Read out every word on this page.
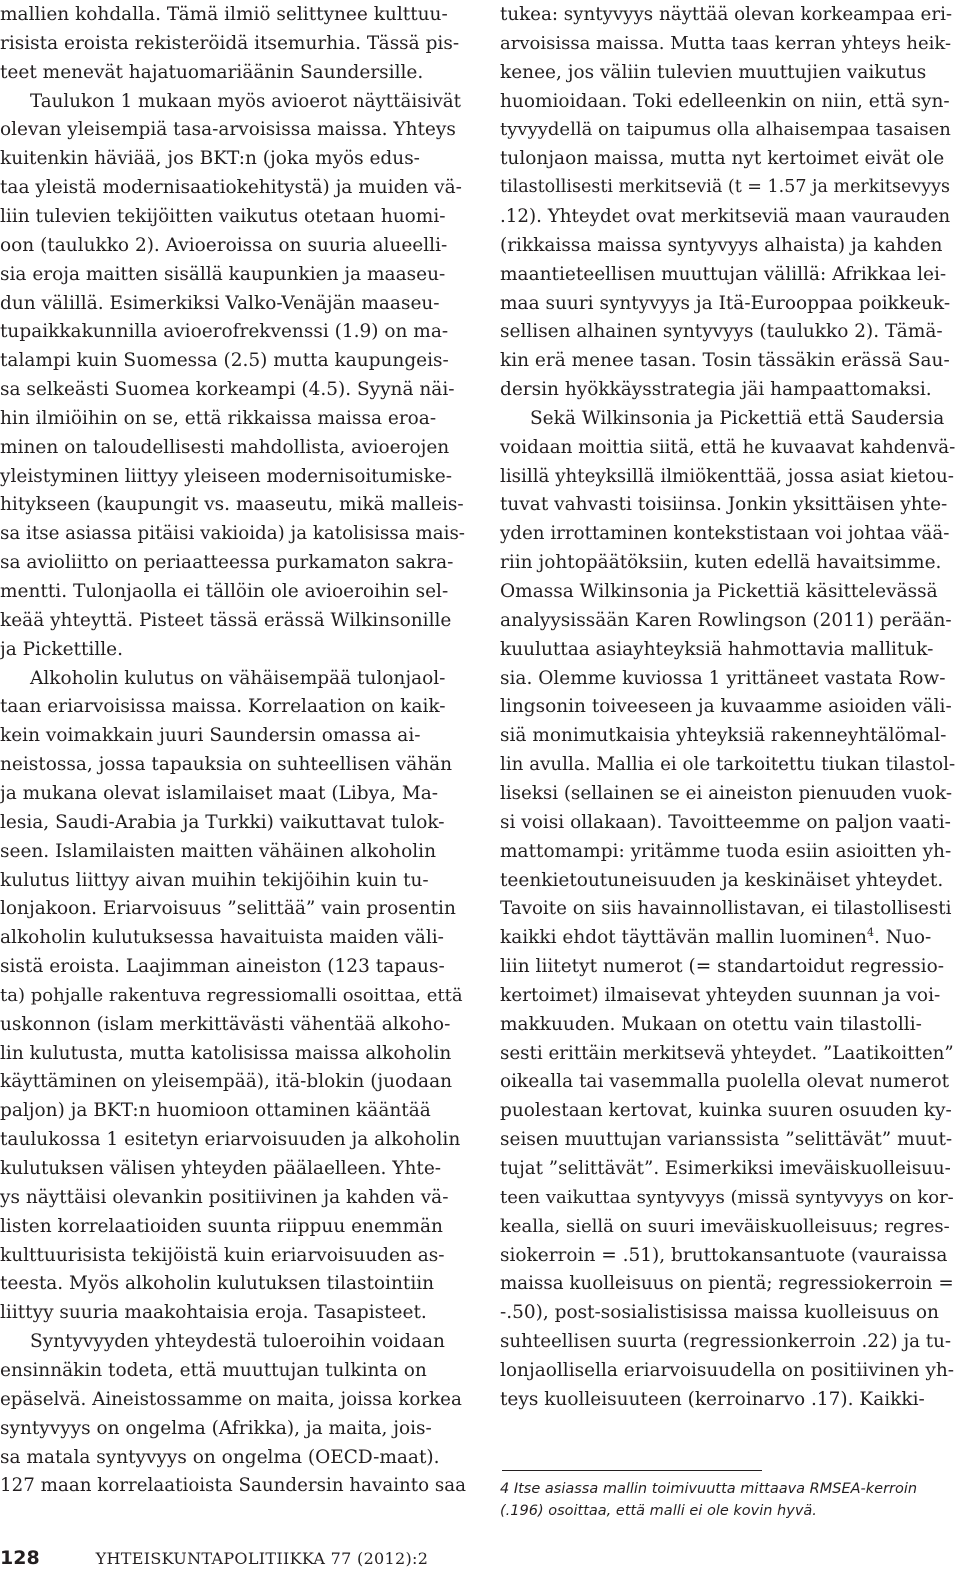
mallien kohdalla. Tämä ilmiö selittynee kulttuu-
risista eroista rekisteröidä itsemurhia. Tässä pis-
teet menevät hajatuomariäänin Saundersille.
Taulukon 1 mukaan myös avioerot näyttäisivät
olevan yleisempiä tasa-arvoisissa maissa. Yhteys
kuitenkin häviää, jos BKT:n (joka myös edus-
taa yleistä modernisaatiokehitystä) ja muiden vä-
liin tulevien tekijöitten vaikutus otetaan huomi-
oon (taulukko 2). Avioeroissa on suuria alueelli-
sia eroja maitten sisällä kaupunkien ja maaseu-
dun välillä. Esimerkiksi Valko-Venäjän maaseu-
tupaikkakunnilla avioerofrekvenssi (1.9) on ma-
talampi kuin Suomessa (2.5) mutta kaupungeis-
sa selkeästi Suomea korkeampi (4.5). Syynä näi-
hin ilmiöihin on se, että rikkaissa maissa eroa-
minen on taloudellisesti mahdollista, avioerojen
yleistyminen liittyy yleiseen modernisoitumiske-
hitykseen (kaupungit vs. maaseutu, mikä malleis-
sa itse asiassa pitäisi vakioida) ja katolisissa mais-
sa avioliitto on periaatteessa purkamaton sakra-
mentti. Tulonjaolla ei tällöin ole avioeroihin sel-
keää yhteyttä. Pisteet tässä erässä Wilkinsonille
ja Pickettille.
Alkoholin kulutus on vähäisempää tulonjaol-
taan eriarvoisissa maissa. Korrelaation on kaik-
kein voimakkain juuri Saundersin omassa ai-
neistossa, jossa tapauksia on suhteellisen vähän
ja mukana olevat islamilaiset maat (Libya, Ma-
lesia, Saudi-Arabia ja Turkki) vaikuttavat tulok-
seen. Islamilaisten maitten vähäinen alkoholin
kulutus liittyy aivan muihin tekijöihin kuin tu-
lonjakoon. Eriarvoisuus ”selittää” vain prosentin
alkoholin kulutuksessa havaituista maiden väli-
sistä eroista. Laajimman aineiston (123 tapaus-
ta) pohjalle rakentuva regressiomalli osoittaa, että
uskonnon (islam merkittävästi vähentää alkoho-
lin kulutusta, mutta katolisissa maissa alkoholin
käyttäminen on yleisempää), itä-blokin (juodaan
paljon) ja BKT:n huomioon ottaminen kääntää
taulukossa 1 esitetyn eriarvoisuuden ja alkoholin
kulutuksen välisen yhteyden päälaelleen. Yhte-
ys näyttäisi olevankin positiivinen ja kahden vä-
listen korrelaatioiden suunta riippuu enemmän
kulttuurisista tekijöistä kuin eriarvoisuuden as-
teesta. Myös alkoholin kulutuksen tilastointiin
liittyy suuria maakohtaisia eroja. Tasapisteet.
Syntyvyyden yhteydestä tuloeroihin voidaan
ensinnäkin todeta, että muuttujan tulkinta on
epäselvä. Aineistossamme on maita, joissa korkea
syntyvyys on ongelma (Afrikka), ja maita, jois-
sa matala syntyvyys on ongelma (OECD-maat).
127 maan korrelaatioista Saundersin havainto saa
tukea: syntyvyys näyttää olevan korkeampaa eri-
arvoisissa maissa. Mutta taas kerran yhteys heik-
kenee, jos väliin tulevien muuttujien vaikutus
huomioidaan. Toki edelleenkin on niin, että syn-
tyvyydellä on taipumus olla alhaisempaa tasaisen
tulonjaon maissa, mutta nyt kertoimet eivät ole
tilastollisesti merkitseviä (t = 1.57 ja merkitsevyys
.12). Yhteydet ovat merkitseviä maan vaurauden
(rikkaissa maissa syntyvyys alhaista) ja kahden
maantieteellisen muuttujan välillä: Afrikkaa lei-
maa suuri syntyvyys ja Itä-Eurooppaa poikkeuk-
sellisen alhainen syntyvyys (taulukko 2). Tämä-
kin erä menee tasan. Tosin tässäkin erässä Sau-
dersin hyökkäysstrategia jäi hampaattomaksi.
Sekä Wilkinsonia ja Pickettiä että Saudersia
voidaan moittia siitä, että he kuvaavat kahdenvä-
lisillä yhteyksillä ilmiökenttää, jossa asiat kietou-
tuvat vahvasti toisiinsa. Jonkin yksittäisen yhte-
yden irrottaminen kontekstistaan voi johtaa vää-
riin johtopäätöksiin, kuten edellä havaitsimme.
Omassa Wilkinsonia ja Pickettiä käsittelevässä
analyysissään Karen Rowlingson (2011) perään-
kuuluttaa asiayhteyksiä hahmottavia mallituk-
sia. Olemme kuviossa 1 yrittäneet vastata Row-
lingsonin toiveeseen ja kuvaamme asioiden väli-
siä monimutkaisia yhteyksiä rakenneyhtälömal-
lin avulla. Mallia ei ole tarkoitettu tiukan tilastol-
liseksi (sellainen se ei aineiston pienuuden vuok-
si voisi ollakaan). Tavoitteemme on paljon vaati-
mattomampi: yritämme tuoda esiin asioitten yh-
teenkietoutuneisuuden ja keskinäiset yhteydet.
Tavoite on siis havainnollistavan, ei tilastollisesti
kaikki ehdot täyttävän mallin luominen$^4$. Nuo-
liin liitetyt numerot (= standartoidut regressio-
kertoimet) ilmaisevat yhteyden suunnan ja voi-
makkuuden. Mukaan on otettu vain tilastolli-
sesti erittäin merkitsevä yhteydet. ”Laatikoitten”
oikealla tai vasemmalla puolella olevat numerot
puolestaan kertovat, kuinka suuren osuuden ky-
seisen muuttujan varianssista ”selittävät” muut-
tujat ”selittävät”. Esimerkiksi imeväiskuolleisuu-
teen vaikuttaa syntyvyys (missä syntyvyys on kor-
kealla, siellä on suuri imeväiskuolleisuus; regres-
siokerroin = .51), bruttokansantuote (vauraissa
maissa kuolleisuus on pientä; regressiokerroin =
-.50), post-sosialistisissa maissa kuolleisuus on
suhteellisen suurta (regressionkerroin .22) ja tu-
lonjaollisella eriarvoisuudella on positiivinen yh-
teys kuolleisuuteen (kerroinarvo .17). Kaikki-
4 Itse asiassa mallin toimivuutta mittaava RMSEA-kerroin
(.196) osoittaa, että malli ei ole kovin hyvä.
128	YHTEISKUNTAPOLITIIKKA 77 (2012):2
